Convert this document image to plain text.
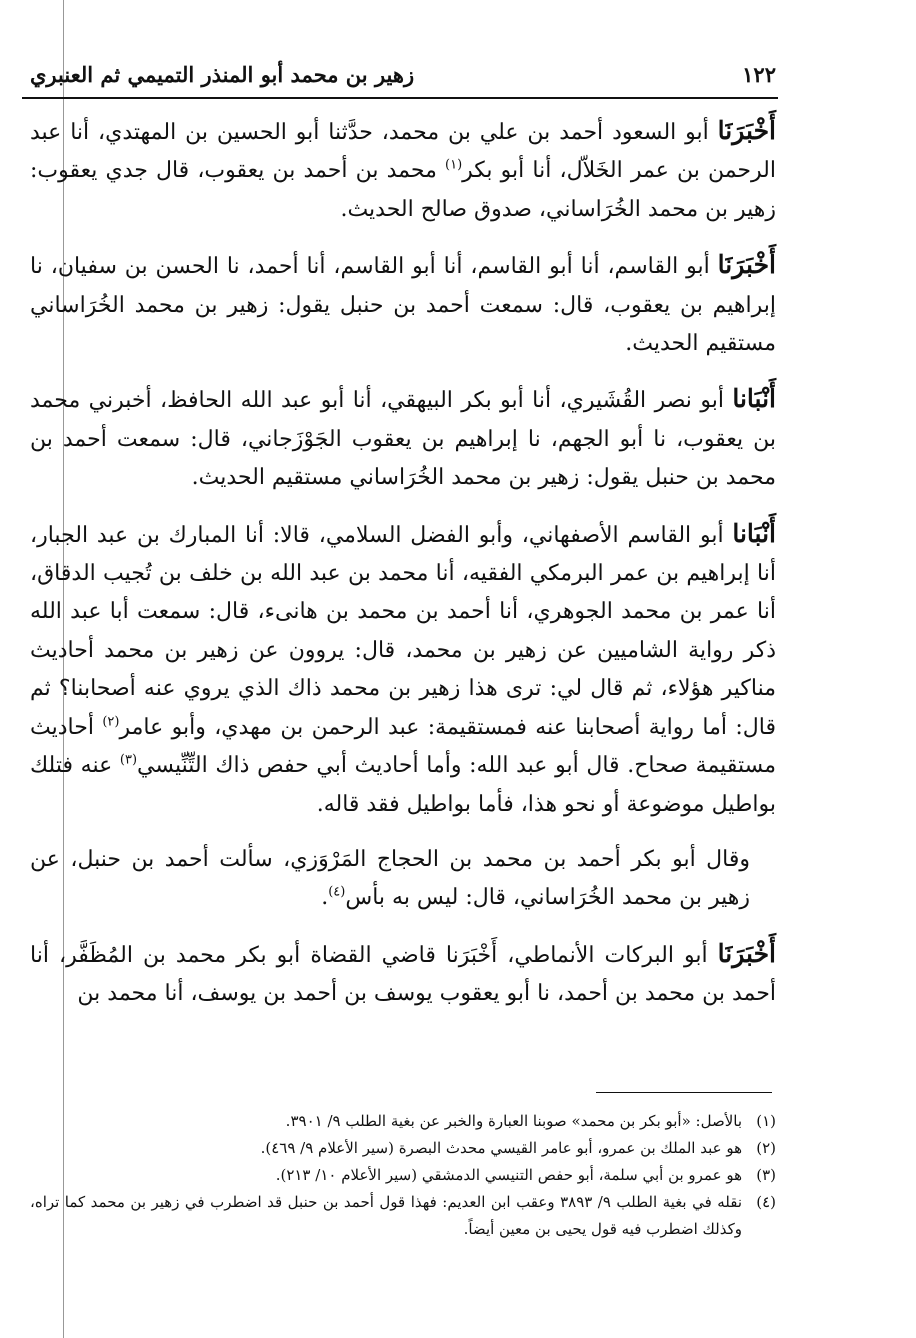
١٢٢
زهير بن محمد أبو المنذر التميمي ثم العنبري

أَخْبَرَنَا أبو السعود أحمد بن علي بن محمد، حدَّثنا أبو الحسين بن المهتدي، أنا عبد الرحمن بن عمر الخَلاّل، أنا أبو بكر$^{(١)}$ محمد بن أحمد بن يعقوب، قال جدي يعقوب: زهير بن محمد الخُرَاساني، صدوق صالح الحديث.

أَخْبَرَنَا أبو القاسم، أنا أبو القاسم، أنا أبو القاسم، أنا أحمد، نا الحسن بن سفيان، نا إبراهيم بن يعقوب، قال: سمعت أحمد بن حنبل يقول: زهير بن محمد الخُرَاساني مستقيم الحديث.

أَنْبَانا أبو نصر القُشَيري، أنا أبو بكر البيهقي، أنا أبو عبد الله الحافظ، أخبرني محمد بن يعقوب، نا أبو الجهم، نا إبراهيم بن يعقوب الجَوْزَجاني، قال: سمعت أحمد بن محمد بن حنبل يقول: زهير بن محمد الخُرَاساني مستقيم الحديث.

أَنْبَانا أبو القاسم الأصفهاني، وأبو الفضل السلامي، قالا: أنا المبارك بن عبد الجبار، أنا إبراهيم بن عمر البرمكي الفقيه، أنا محمد بن عبد الله بن خلف بن تُجيب الدقاق، أنا عمر بن محمد الجوهري، أنا أحمد بن محمد بن هانىء، قال: سمعت أبا عبد الله ذكر رواية الشاميين عن زهير بن محمد، قال: يروون عن زهير بن محمد أحاديث مناكير هؤلاء، ثم قال لي: ترى هذا زهير بن محمد ذاك الذي يروي عنه أصحابنا؟ ثم قال: أما رواية أصحابنا عنه فمستقيمة: عبد الرحمن بن مهدي، وأبو عامر$^{(٢)}$ أحاديث مستقيمة صحاح. قال أبو عبد الله: وأما أحاديث أبي حفص ذاك التِّنِّيسي$^{(٣)}$ عنه فتلك بواطيل موضوعة أو نحو هذا، فأما بواطيل فقد قاله.

وقال أبو بكر أحمد بن محمد بن الحجاج المَرْوَزي، سألت أحمد بن حنبل، عن زهير بن محمد الخُرَاساني، قال: ليس به بأس$^{(٤)}$.

أَخْبَرَنَا أبو البركات الأنماطي، أَخْبَرَنا قاضي القضاة أبو بكر محمد بن المُظَفَّر، أنا أحمد بن محمد بن أحمد، نا أبو يعقوب يوسف بن أحمد بن يوسف، أنا محمد بن

(١)
بالأصل: «أبو بكر بن محمد» صوبنا العبارة والخبر عن بغية الطلب ٩/ ٣٩٠١.
(٢)
هو عبد الملك بن عمرو، أبو عامر القيسي محدث البصرة (سير الأعلام ٩/ ٤٦٩).
(٣)
هو عمرو بن أبي سلمة، أبو حفص التنيسي الدمشقي (سير الأعلام ١٠/ ٢١٣).
(٤)
نقله في بغية الطلب ٩/ ٣٨٩٣ وعقب ابن العديم: فهذا قول أحمد بن حنبل قد اضطرب في زهير بن محمد كما تراه، وكذلك اضطرب فيه قول يحيى بن معين أيضاً.
